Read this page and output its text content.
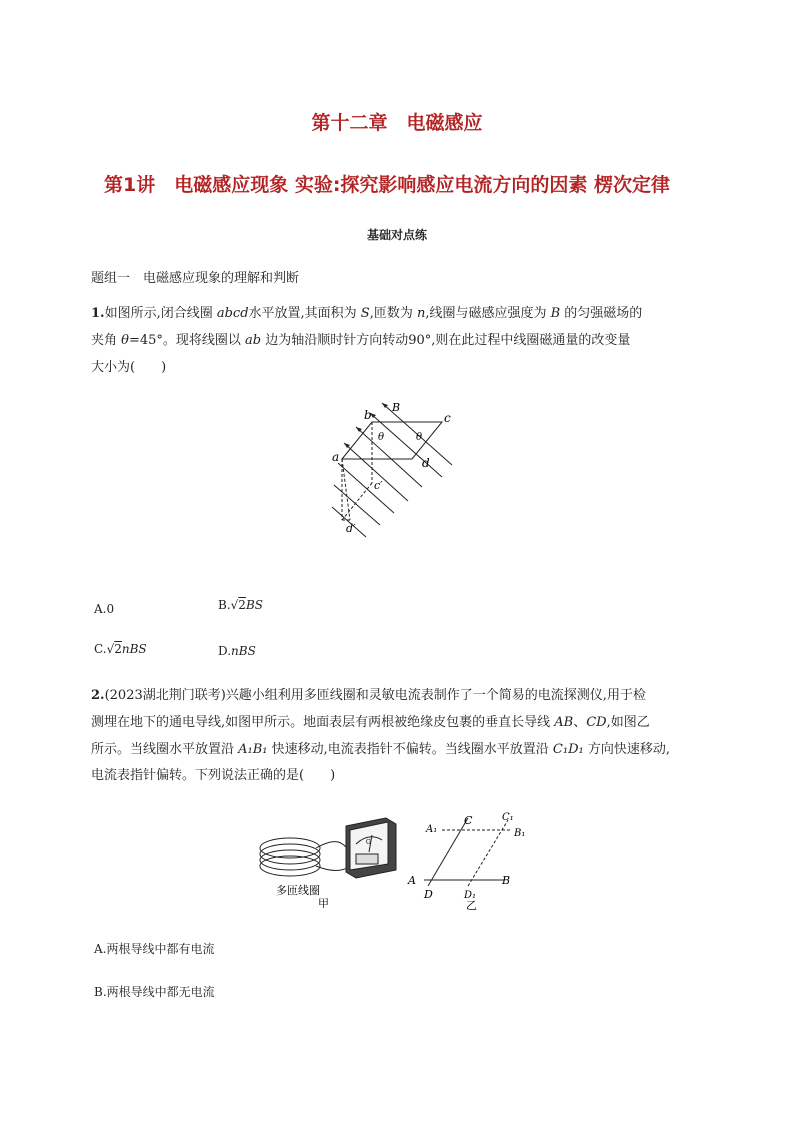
第十二章　电磁感应
第1讲　电磁感应现象 实验:探究影响感应电流方向的因素 楞次定律
基础对点练
题组一　电磁感应现象的理解和判断
1.如图所示,闭合线圈 abcd水平放置,其面积为 S,匝数为 n,线圈与磁感应强度为 B 的匀强磁场的
夹角 θ=45°。现将线圈以 ab 边为轴沿顺时针方向转动90°,则在此过程中线圈磁通量的改变量
大小为(　　)
a
b	c
d
c′
d′
B
θ	θ
A.0	B.√2BS
C.√2nBS	D.nBS
2.(2023湖北荆门联考)兴趣小组利用多匝线圈和灵敏电流表制作了一个简易的电流探测仪,用于检
测埋在地下的通电导线,如图甲所示。地面表层有两根被绝缘皮包裹的垂直长导线 AB、CD,如图乙
所示。当线圈水平放置沿 A₁B₁ 快速移动,电流表指针不偏转。当线圈水平放置沿 C₁D₁ 方向快速移动,
电流表指针偏转。下列说法正确的是(　　)
G
多匝线圈
甲
A	B
C
D
A₁	B₁
C₁
D₁
乙
A.两根导线中都有电流
B.两根导线中都无电流
